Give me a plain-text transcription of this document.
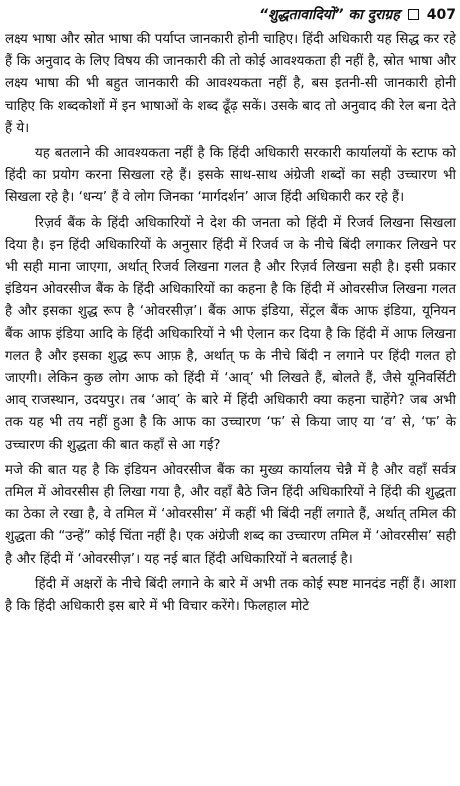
“शुद्धतावादियों” का दुराग्रह 407

लक्ष्य भाषा और स्रोत भाषा की पर्याप्त जानकारी होनी चाहिए। हिंदी अधिकारी यह सिद्ध कर रहे हैं कि अनुवाद के लिए विषय की जानकारी की तो कोई आवश्यकता ही नहीं है, स्रोत भाषा और लक्ष्य भाषा की भी बहुत जानकारी की आवश्यकता नहीं है, बस इतनी-सी जानकारी होनी चाहिए कि शब्दकोशों में इन भाषाओं के शब्द ढूँढ़ सकें। उसके बाद तो अनुवाद की रेल बना देते हैं ये।

यह बतलाने की आवश्यकता नहीं है कि हिंदी अधिकारी सरकारी कार्यालयों के स्टाफ को हिंदी का प्रयोग करना सिखला रहे हैं। इसके साथ-साथ अंग्रेजी शब्दों का सही उच्चारण भी सिखला रहे है। ‘धन्य’ हैं वे लोग जिनका ‘मार्गदर्शन’ आज हिंदी अधिकारी कर रहे हैं।

रिज़र्व बैंक के हिंदी अधिकारियों ने देश की जनता को हिंदी में रिजर्व लिखना सिखला दिया है। इन हिंदी अधिकारियों के अनुसार हिंदी में रिजर्व ज के नीचे बिंदी लगाकर लिखने पर भी सही माना जाएगा, अर्थात् रिजर्व लिखना गलत है और रिज़र्व लिखना सही है। इसी प्रकार इंडियन ओवरसीज बैंक के हिंदी अधिकारियों का कहना है कि हिंदी में ओवरसीज लिखना गलत है और इसका शुद्ध रूप है ‘ओवरसीज़’। बैंक आफ इंडिया, सेंट्रल बैंक आफ इंडिया, यूनियन बैंक आफ इंडिया आदि के हिंदी अधिकारियों ने भी ऐलान कर दिया है कि हिंदी में आफ लिखना गलत है और इसका शुद्ध रूप आफ़ है, अर्थात् फ के नीचे बिंदी न लगाने पर हिंदी गलत हो जाएगी। लेकिन कुछ लोग आफ को हिंदी में ‘आव्’ भी लिखते हैं, बोलते हैं, जैसे यूनिवर्सिटी आव् राजस्थान, उदयपुर। तब ‘आव्’ के बारे में हिंदी अधिकारी क्या कहना चाहेंगे? जब अभी तक यह भी तय नहीं हुआ है कि आफ का उच्चारण ‘फ’ से किया जाए या ‘व’ से, ‘फ’ के उच्चारण की शुद्धता की बात कहाँ से आ गई?

मजे की बात यह है कि इंडियन ओवरसीज बैंक का मुख्य कार्यालय चेन्नै में है और वहाँ सर्वत्र तमिल में ओवरसीस ही लिखा गया है, और वहाँ बैठे जिन हिंदी अधिकारियों ने हिंदी की शुद्धता का ठेका ले रखा है, वे तमिल में ‘ओवरसीस’ में कहीं भी बिंदी नहीं लगाते हैं, अर्थात् तमिल की शुद्धता की “उन्हें” कोई चिंता नहीं है। एक अंग्रेजी शब्द का उच्चारण तमिल में ‘ओवरसीस’ सही है और हिंदी में ‘ओवरसीज़’। यह नई बात हिंदी अधिकारियों ने बतलाई है।

हिंदी में अक्षरों के नीचे बिंदी लगाने के बारे में अभी तक कोई स्पष्ट मानदंड नहीं हैं। आशा है कि हिंदी अधिकारी इस बारे में भी विचार करेंगे। फिलहाल मोटे
